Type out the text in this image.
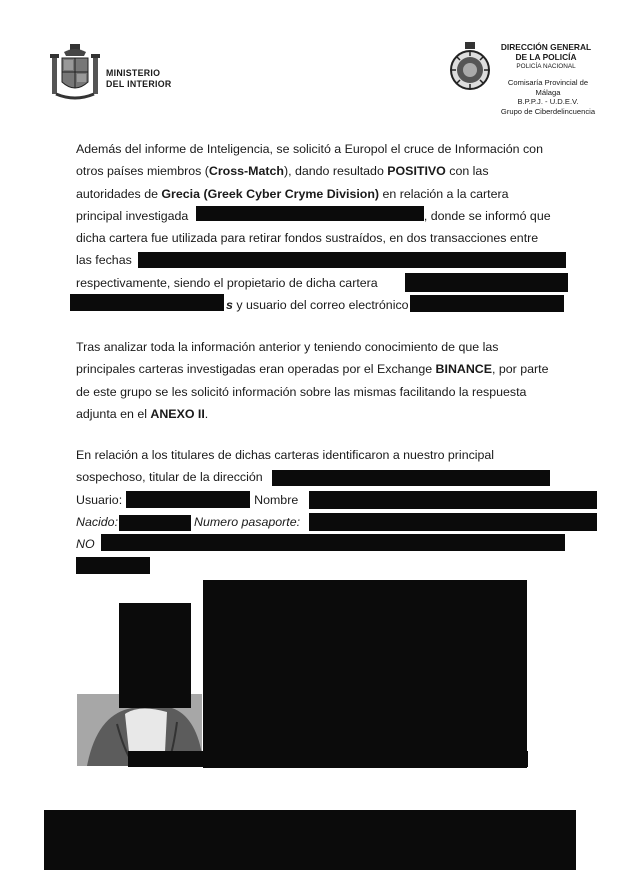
MINISTERIO
DEL INTERIOR
DIRECCIÓN GENERAL
DE LA POLICÍA
POLICÍA NACIONAL
Comisaría Provincial de Málaga
B.P.P.J. - U.D.E.V.
Grupo de Ciberdelincuencia
Además del informe de Inteligencia, se solicitó a Europol el cruce de Información con
otros países miembros (Cross-Match), dando resultado POSITIVO con las
autoridades de Grecia (Greek Cyber Cryme Division) en relación a la cartera
principal investigada	, donde se informó que
dicha cartera fue utilizada para retirar fondos sustraídos, en dos transacciones entre
las fechas
respectivamente, siendo el propietario de dicha cartera
s y usuario del correo electrónico
Tras analizar toda la información anterior y teniendo conocimiento de que las
principales carteras investigadas eran operadas por el Exchange BINANCE, por parte
de este grupo se les solicitó información sobre las mismas facilitando la respuesta
adjunta en el ANEXO II.
En relación a los titulares de dichas carteras identificaron a nuestro principal
sospechoso, titular de la dirección
Usuario:	Nombre
Nacido:	Numero pasaporte:
NO
